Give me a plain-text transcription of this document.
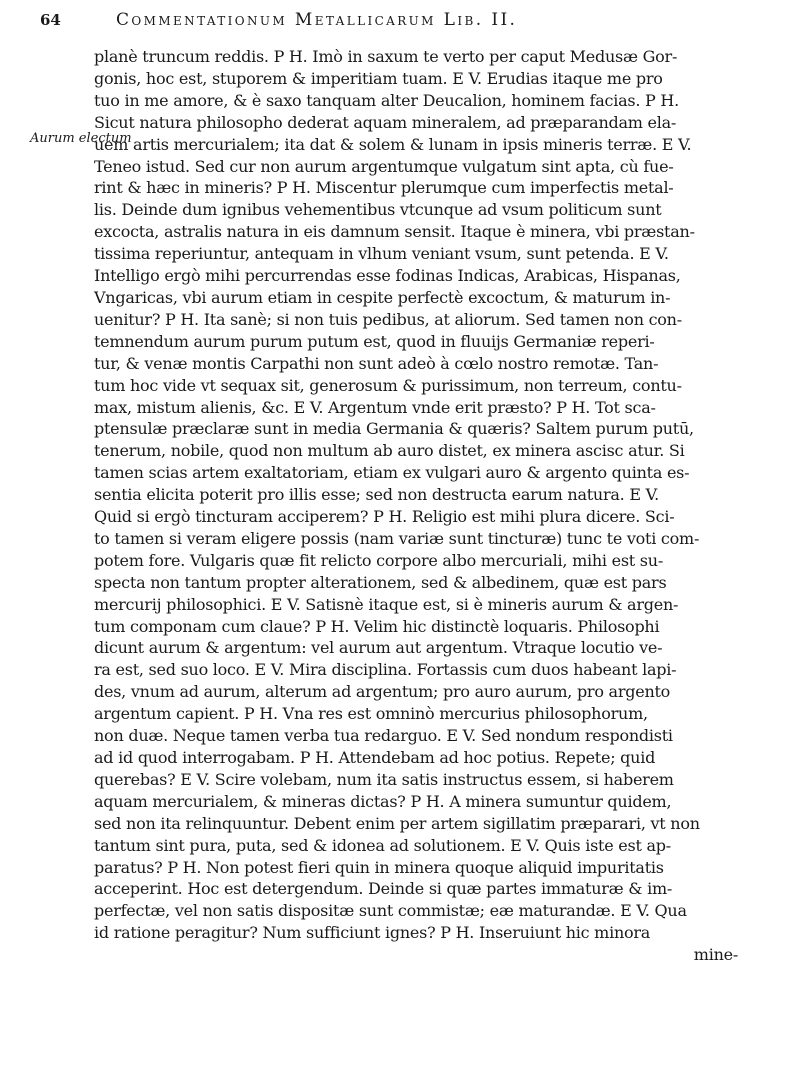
64	Commentationum Metallicarum Lib. II.
Aurum electum
planè truncum reddis. P H. Imò in saxum te verto per caput Medusæ Gor-
gonis, hoc est, stuporem & imperitiam tuam. E V. Erudias itaque me pro
tuo in me amore, & è saxo tanquam alter Deucalion, hominem facias. P H.
Sicut natura philosopho dederat aquam mineralem, ad præparandam ela-
uem artis mercurialem; ita dat & solem & lunam in ipsis mineris terræ. E V.
Teneo istud. Sed cur non aurum argentumque vulgatum sint apta, cù fue-
rint & hæc in mineris? P H. Miscentur plerumque cum imperfectis metal-
lis. Deinde dum ignibus vehementibus vtcunque ad vsum politicum sunt
excocta, astralis natura in eis damnum sensit. Itaque è minera, vbi præstan-
tissima reperiuntur, antequam in vlhum veniant vsum, sunt petenda. E V.
Intelligo ergò mihi percurrendas esse fodinas Indicas, Arabicas, Hispanas,
Vngaricas, vbi aurum etiam in cespite perfectè excoctum, & maturum in-
uenitur? P H. Ita sanè; si non tuis pedibus, at aliorum. Sed tamen non con-
temnendum aurum purum putum est, quod in fluuijs Germaniæ reperi-
tur, & venæ montis Carpathi non sunt adeò à cœlo nostro remotæ. Tan-
tum hoc vide vt sequax sit, generosum & purissimum, non terreum, contu-
max, mistum alienis, &c. E V. Argentum vnde erit præsto? P H. Tot sca-
ptensulæ præclaræ sunt in media Germania & quæris? Saltem purum putū,
tenerum, nobile, quod non multum ab auro distet, ex minera ascisc atur. Si
tamen scias artem exaltatoriam, etiam ex vulgari auro & argento quinta es-
sentia elicita poterit pro illis esse; sed non destructa earum natura. E V.
Quid si ergò tincturam acciperem? P H. Religio est mihi plura dicere. Sci-
to tamen si veram eligere possis (nam variæ sunt tincturæ) tunc te voti com-
potem fore. Vulgaris quæ fit relicto corpore albo mercuriali, mihi est su-
specta non tantum propter alterationem, sed & albedinem, quæ est pars
mercurij philosophici. E V. Satisnè itaque est, si è mineris aurum & argen-
tum componam cum claue? P H. Velim hic distinctè loquaris. Philosophi
dicunt aurum & argentum: vel aurum aut argentum. Vtraque locutio ve-
ra est, sed suo loco. E V. Mira disciplina. Fortassis cum duos habeant lapi-
des, vnum ad aurum, alterum ad argentum; pro auro aurum, pro argento
argentum capient. P H. Vna res est omninò mercurius philosophorum,
non duæ. Neque tamen verba tua redarguo. E V. Sed nondum respondisti
ad id quod interrogabam. P H. Attendebam ad hoc potius. Repete; quid
querebas? E V. Scire volebam, num ita satis instructus essem, si haberem
aquam mercurialem, & mineras dictas? P H. A minera sumuntur quidem,
sed non ita relinquuntur. Debent enim per artem sigillatim præparari, vt non
tantum sint pura, puta, sed & idonea ad solutionem. E V. Quis iste est ap-
paratus? P H. Non potest fieri quin in minera quoque aliquid impuritatis
acceperint. Hoc est detergendum. Deinde si quæ partes immaturæ & im-
perfectæ, vel non satis dispositæ sunt commistæ; eæ maturandæ. E V. Qua
id ratione peragitur? Num sufficiunt ignes? P H. Inseruiunt hic minora
mine-
